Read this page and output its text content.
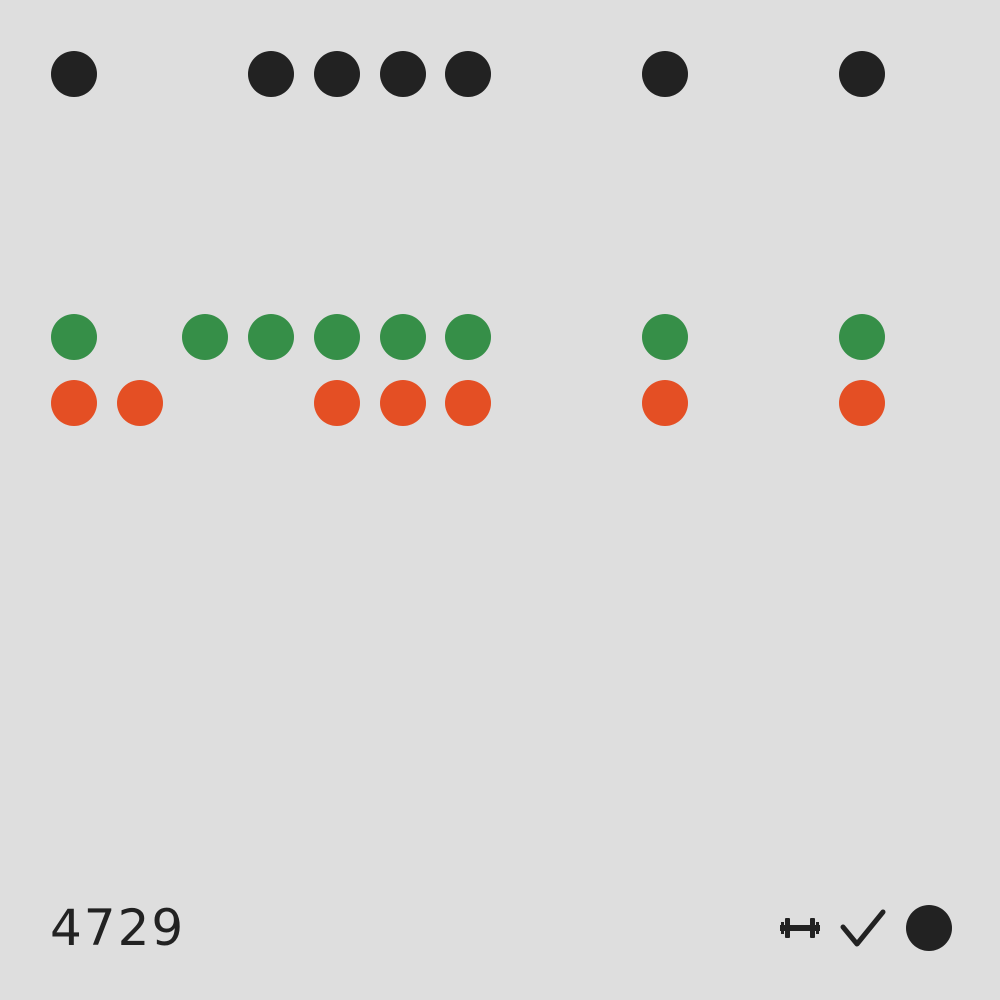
4729
